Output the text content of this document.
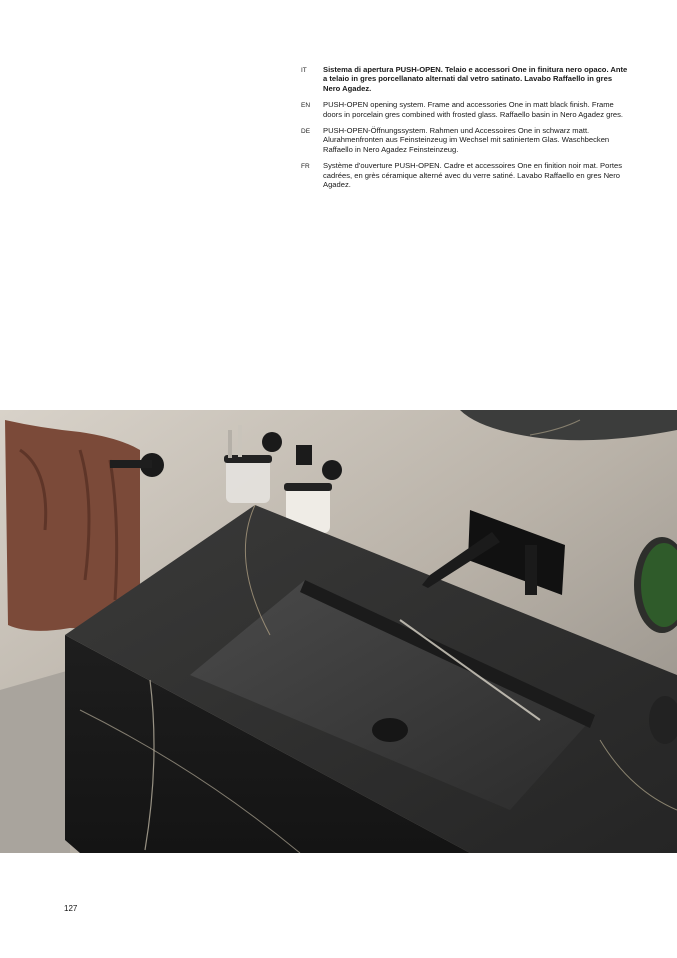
IT	Sistema di apertura PUSH-OPEN. Telaio e accessori One in finitura nero opaco. Ante a telaio in gres porcellanato alternati dal vetro satinato. Lavabo Raffaello in gres Nero Agadez.
EN	PUSH-OPEN opening system. Frame and accessories One in matt black finish. Frame doors in porcelain gres combined with frosted glass. Raffaello basin in Nero Agadez gres.
DE	PUSH-OPEN-Öffnungssystem. Rahmen und Accessoires One in schwarz matt. Alurahmenfronten aus Feinsteinzeug im Wechsel mit satiniertem Glas. Waschbecken Raffaello in Nero Agadez Feinsteinzeug.
FR	Système d'ouverture PUSH-OPEN. Cadre et accessoires One en finition noir mat. Portes cadrées, en grès céramique alterné avec du verre satiné. Lavabo Raffaello en gres Nero Agadez.
127
